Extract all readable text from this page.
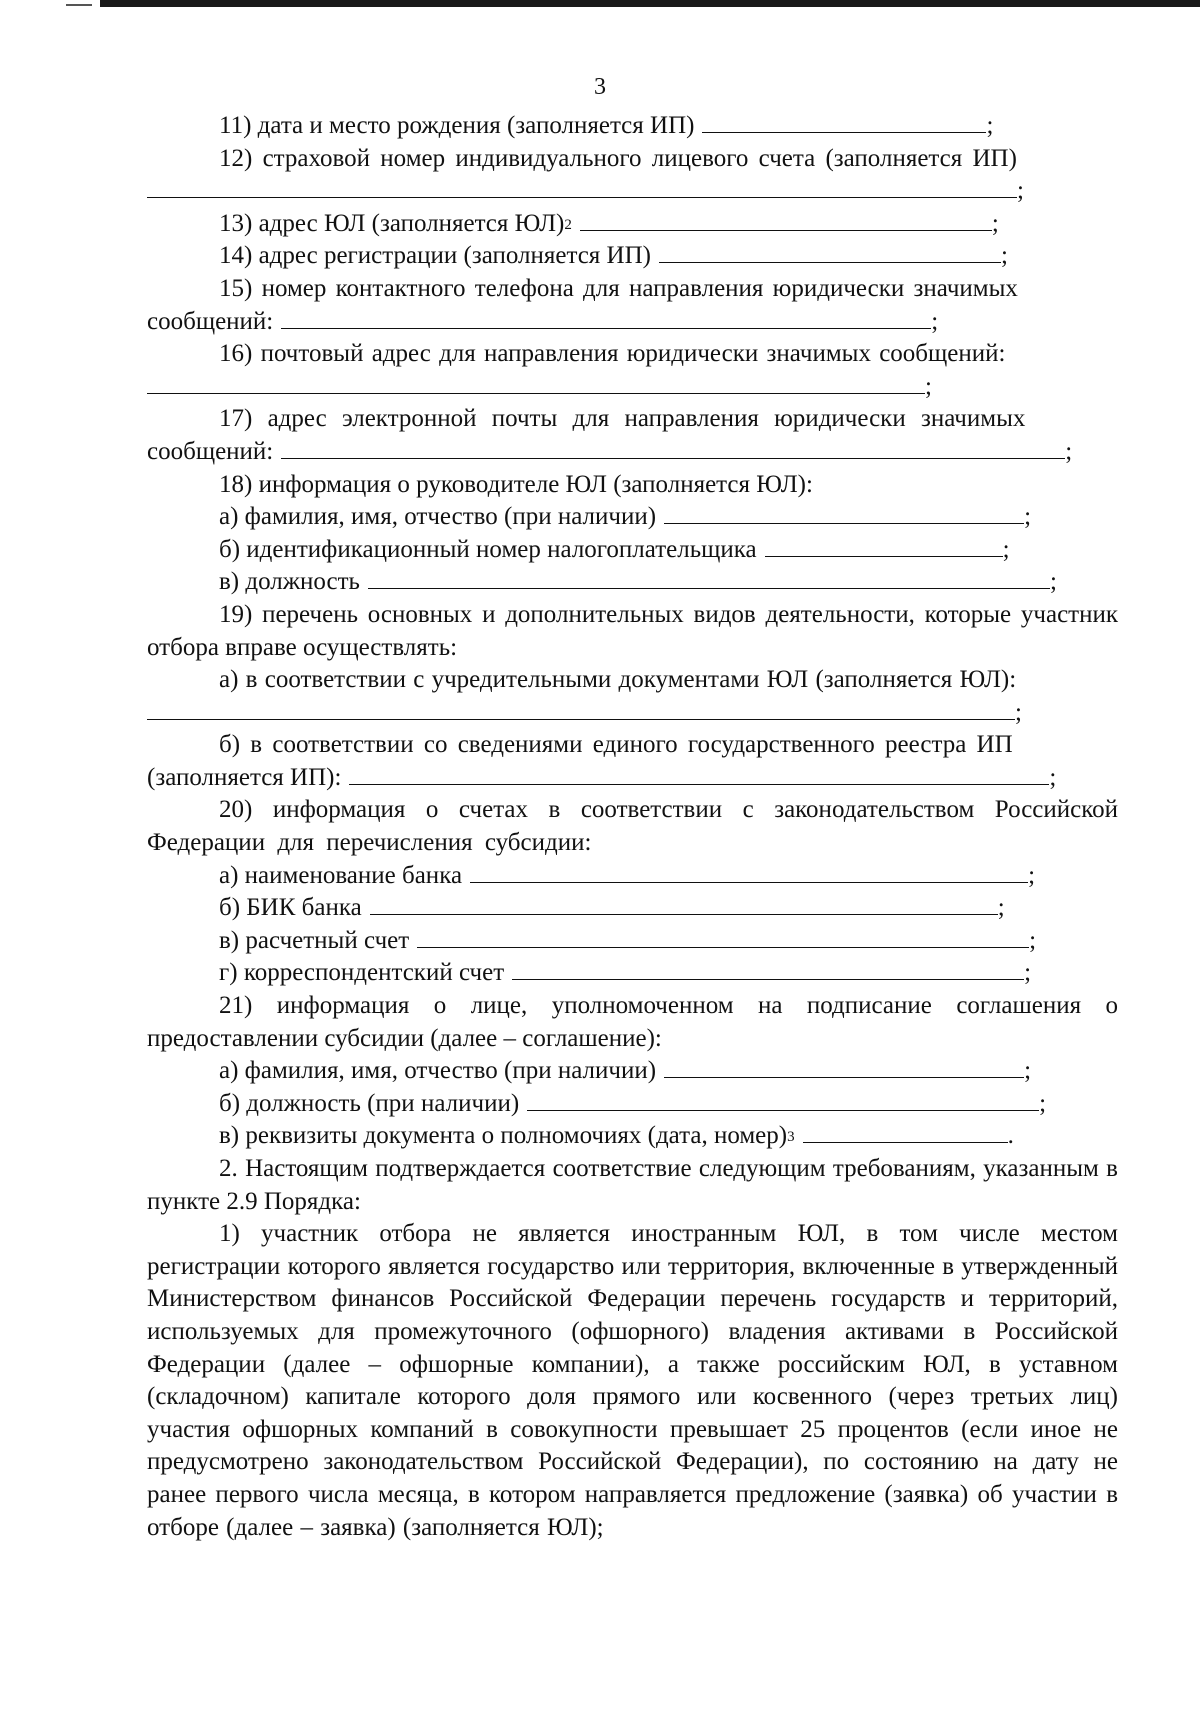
3
11) дата и место рождения (заполняется ИП)	;
12) страховой номер индивидуального лицевого счета (заполняется ИП)
;
13) адрес ЮЛ (заполняется ЮЛ)$^2$	;
14) адрес регистрации (заполняется ИП)	;
15) номер контактного телефона для направления юридически значимых
сообщений:	;
16) почтовый адрес для направления юридически значимых сообщений:
;
17) адрес электронной почты для направления юридически значимых
сообщений:	;
18) информация о руководителе ЮЛ (заполняется ЮЛ):
а) фамилия, имя, отчество (при наличии)	;
б) идентификационный номер налогоплательщика	;
в) должность	;

19) перечень основных и дополнительных видов деятельности, которые участник отбора вправе осуществлять:

а) в соответствии с учредительными документами ЮЛ (заполняется ЮЛ):
;
б) в соответствии со сведениями единого государственного реестра ИП
(заполняется ИП):	;

20) информация о счетах в соответствии с законодательством Российской Федерации для перечисления субсидии:

а) наименование банка	;
б) БИК банка	;
в) расчетный счет	;
г) корреспондентский счет	;

21) информация о лице, уполномоченном на подписание соглашения о предоставлении субсидии (далее – соглашение):

а) фамилия, имя, отчество (при наличии)	;
б) должность (при наличии)	;
в) реквизиты документа о полномочиях (дата, номер)$^3$	.

2. Настоящим подтверждается соответствие следующим требованиям, указанным в пункте 2.9 Порядка:

1) участник отбора не является иностранным ЮЛ, в том числе местом регистрации которого является государство или территория, включенные в утвержденный Министерством финансов Российской Федерации перечень государств и территорий, используемых для промежуточного (офшорного) владения активами в Российской Федерации (далее – офшорные компании), а также российским ЮЛ, в уставном (складочном) капитале которого доля прямого или косвенного (через третьих лиц) участия офшорных компаний в совокупности превышает 25 процентов (если иное не предусмотрено законодательством Российской Федерации), по состоянию на дату не ранее первого числа месяца, в котором направляется предложение (заявка) об участии в отборе (далее – заявка) (заполняется ЮЛ);
